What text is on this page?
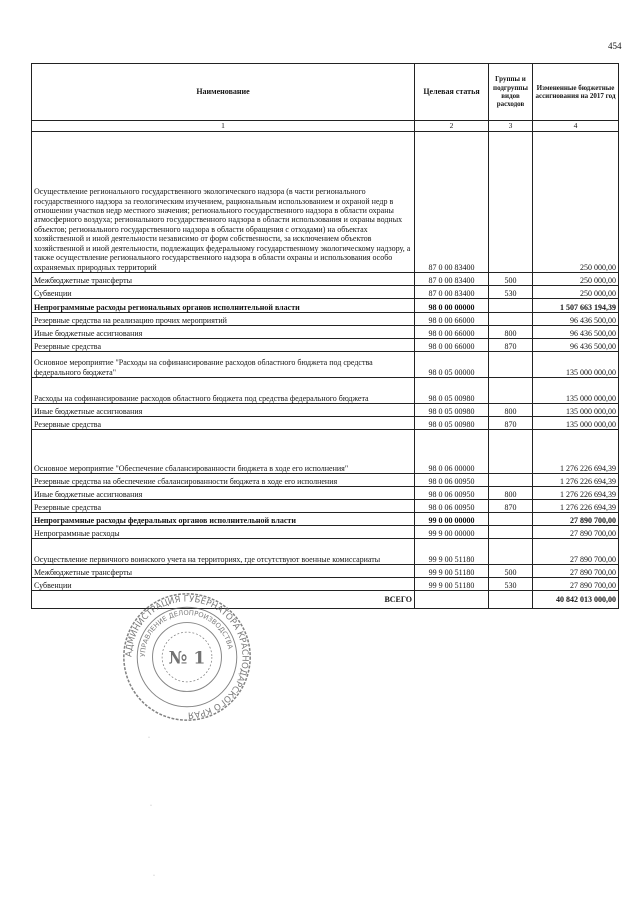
454
Наименование	Целевая статья	Группы и подгруппы видов расходов	Измененные бюджетные ассигнования на 2017 год
1	2	3	4
Осуществление регионального государственного экологического надзора (в части регионального государственного надзора за геологическим изучением, рациональным использованием и охраной недр в отношении участков недр местного значения; регионального государственного надзора в области охраны атмосферного воздуха; регионального государственного надзора в области использования и охраны водных объектов; регионального государственного надзора в области обращения с отходами) на объектах хозяйственной и иной деятельности независимо от форм собственности, за исключением объектов хозяйственной и иной деятельности, подлежащих федеральному государственному экологическому надзору, а также осуществление регионального государственного надзора в области охраны и использования особо охраняемых природных территорий	87 0 00 83400		250 000,00
Межбюджетные трансферты	87 0 00 83400	500	250 000,00
Субвенции	87 0 00 83400	530	250 000,00
Непрограммные расходы региональных органов исполнительной власти	98 0 00 00000		1 507 663 194,39
Резервные средства на реализацию прочих мероприятий	98 0 00 66000		96 436 500,00
Иные бюджетные ассигнования	98 0 00 66000	800	96 436 500,00
Резервные средства	98 0 00 66000	870	96 436 500,00
Основное мероприятие "Расходы на софинансирование расходов областного бюджета под средства федерального бюджета"	98 0 05 00000		135 000 000,00
Расходы на софинансирование расходов областного бюджета под средства федерального бюджета	98 0 05 00980		135 000 000,00
Иные бюджетные ассигнования	98 0 05 00980	800	135 000 000,00
Резервные средства	98 0 05 00980	870	135 000 000,00
Основное мероприятие "Обеспечение сбалансированности бюджета в ходе его исполнения"	98 0 06 00000		1 276 226 694,39
Резервные средства на обеспечение сбалансированности бюджета в ходе его исполнения	98 0 06 00950		1 276 226 694,39
Иные бюджетные ассигнования	98 0 06 00950	800	1 276 226 694,39
Резервные средства	98 0 06 00950	870	1 276 226 694,39
Непрограммные расходы федеральных органов исполнительной власти	99 0 00 00000		27 890 700,00
Непрограммные расходы	99 9 00 00000		27 890 700,00
Осуществление первичного воинского учета на территориях, где отсутствуют военные комиссариаты	99 9 00 51180		27 890 700,00
Межбюджетные трансферты	99 9 00 51180	500	27 890 700,00
Субвенции	99 9 00 51180	530	27 890 700,00
ВСЕГО			40 842 013 000,00
АДМИНИСТРАЦИЯ ГУБЕРНАТОРА КРАСНОДАРСКОГО КРАЯ
УПРАВЛЕНИЕ ДЕЛОПРОИЗВОДСТВА
№ 1
·
·
·
